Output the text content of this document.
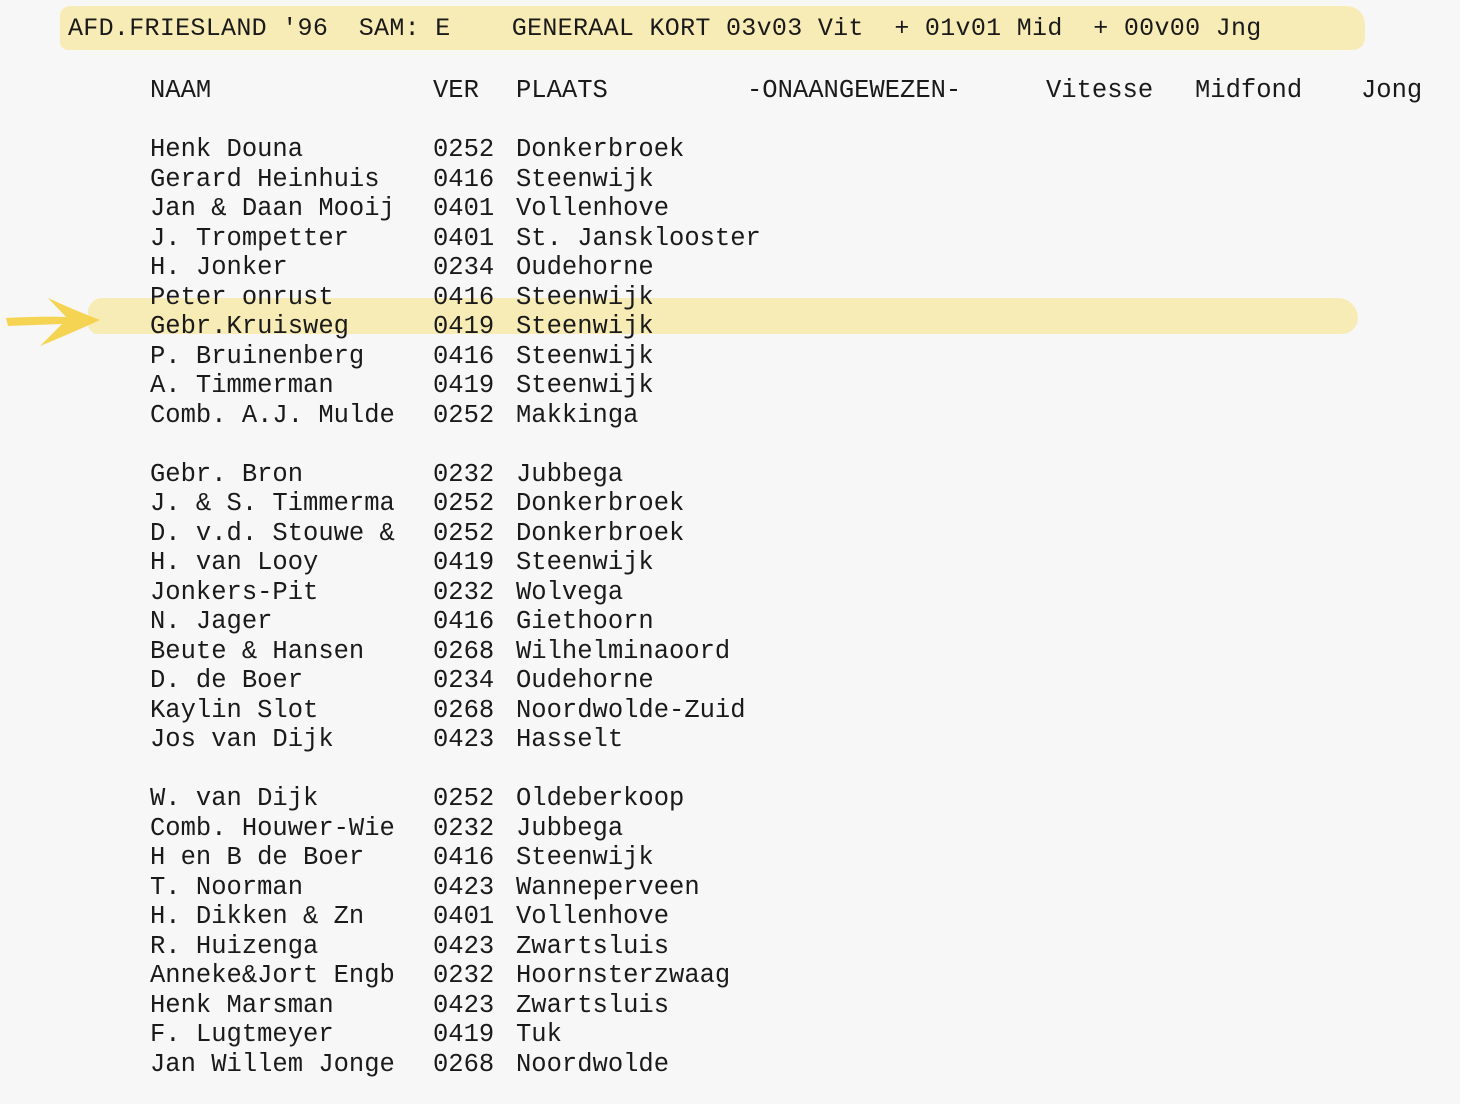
AFD.FRIESLAND '96  SAM: E    GENERAAL KORT 03v03 Vit  + 01v01 Mid  + 00v00 Jng
NAAM	VER PLAATS	-ONAANGEWEZEN-	Vitesse Midfond Jong
Henk Douna	0252 Donkerbroek
Gerard Heinhuis 0416 Steenwijk
Jan & Daan Mooij 0401 Vollenhove
J. Trompetter	0401 St. Jansklooster
H. Jonker	0234 Oudehorne
Peter onrust	0416 Steenwijk
Gebr.Kruisweg	0419 Steenwijk
P. Bruinenberg	0416 Steenwijk
A. Timmerman	0419 Steenwijk
Comb. A.J. Mulde 0252 Makkinga
Gebr. Bron	0232 Jubbega
J. & S. Timmerma 0252 Donkerbroek
D. v.d. Stouwe & 0252 Donkerbroek
H. van Looy	0419 Steenwijk
Jonkers-Pit	0232 Wolvega
N. Jager	0416 Giethoorn
Beute & Hansen	0268 Wilhelminaoord
D. de Boer	0234 Oudehorne
Kaylin Slot	0268 Noordwolde-Zuid
Jos van Dijk	0423 Hasselt
W. van Dijk	0252 Oldeberkoop
Comb. Houwer-Wie 0232 Jubbega
H en B de Boer	0416 Steenwijk
T. Noorman	0423 Wanneperveen
H. Dikken & Zn	0401 Vollenhove
R. Huizenga	0423 Zwartsluis
Anneke&Jort Engb 0232 Hoornsterzwaag
Henk Marsman	0423 Zwartsluis
F. Lugtmeyer	0419 Tuk
Jan Willem Jonge 0268 Noordwolde
